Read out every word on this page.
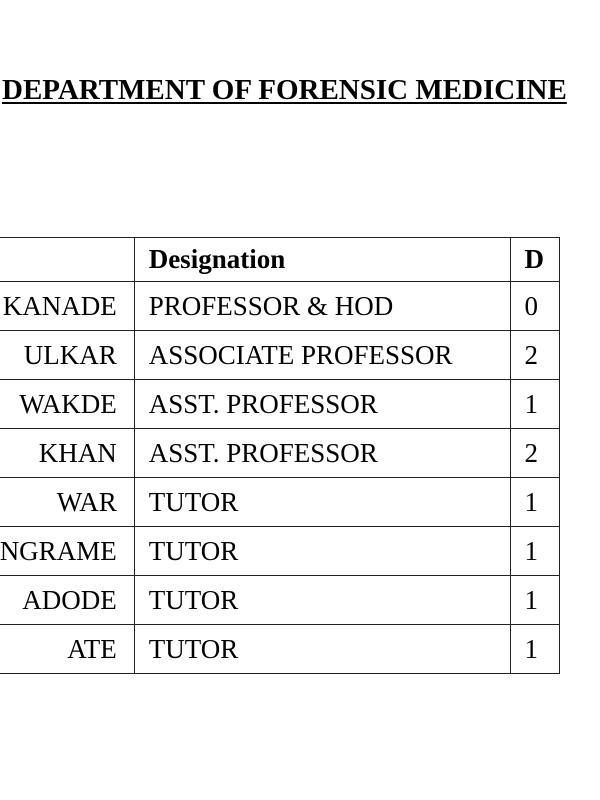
DEPARTMENT OF FORENSIC MEDICINE
	Designation	D
KANADE	PROFESSOR & HOD	0
ULKAR	ASSOCIATE PROFESSOR	2
WAKDE	ASST. PROFESSOR	1
KHAN	ASST. PROFESSOR	2
WAR	TUTOR	1
NGRAME	TUTOR	1
ADODE	TUTOR	1
ATE	TUTOR	1
